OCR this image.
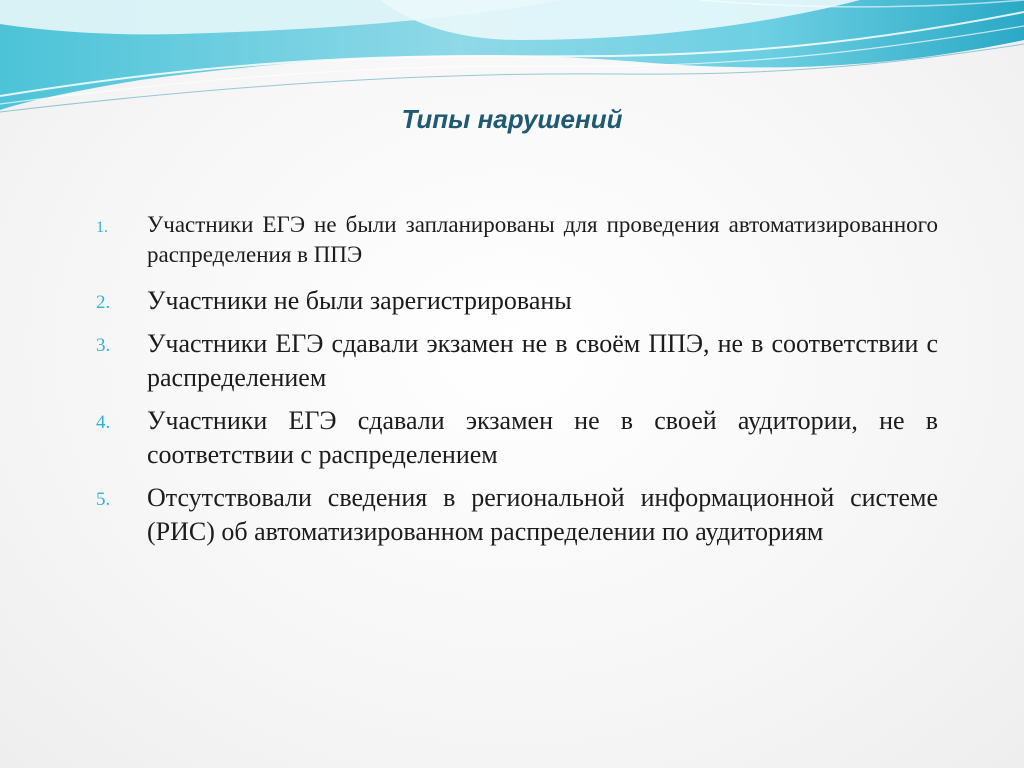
Типы нарушений
1. Участники ЕГЭ не были запланированы для проведения автоматизированного распределения в ППЭ
2. Участники не были зарегистрированы
3. Участники ЕГЭ сдавали экзамен не в своём ППЭ, не в соответствии с распределением
4. Участники ЕГЭ сдавали экзамен не в своей аудитории, не в соответствии с распределением
5. Отсутствовали сведения в региональной информационной системе (РИС) об автоматизированном распределении по аудиториям
